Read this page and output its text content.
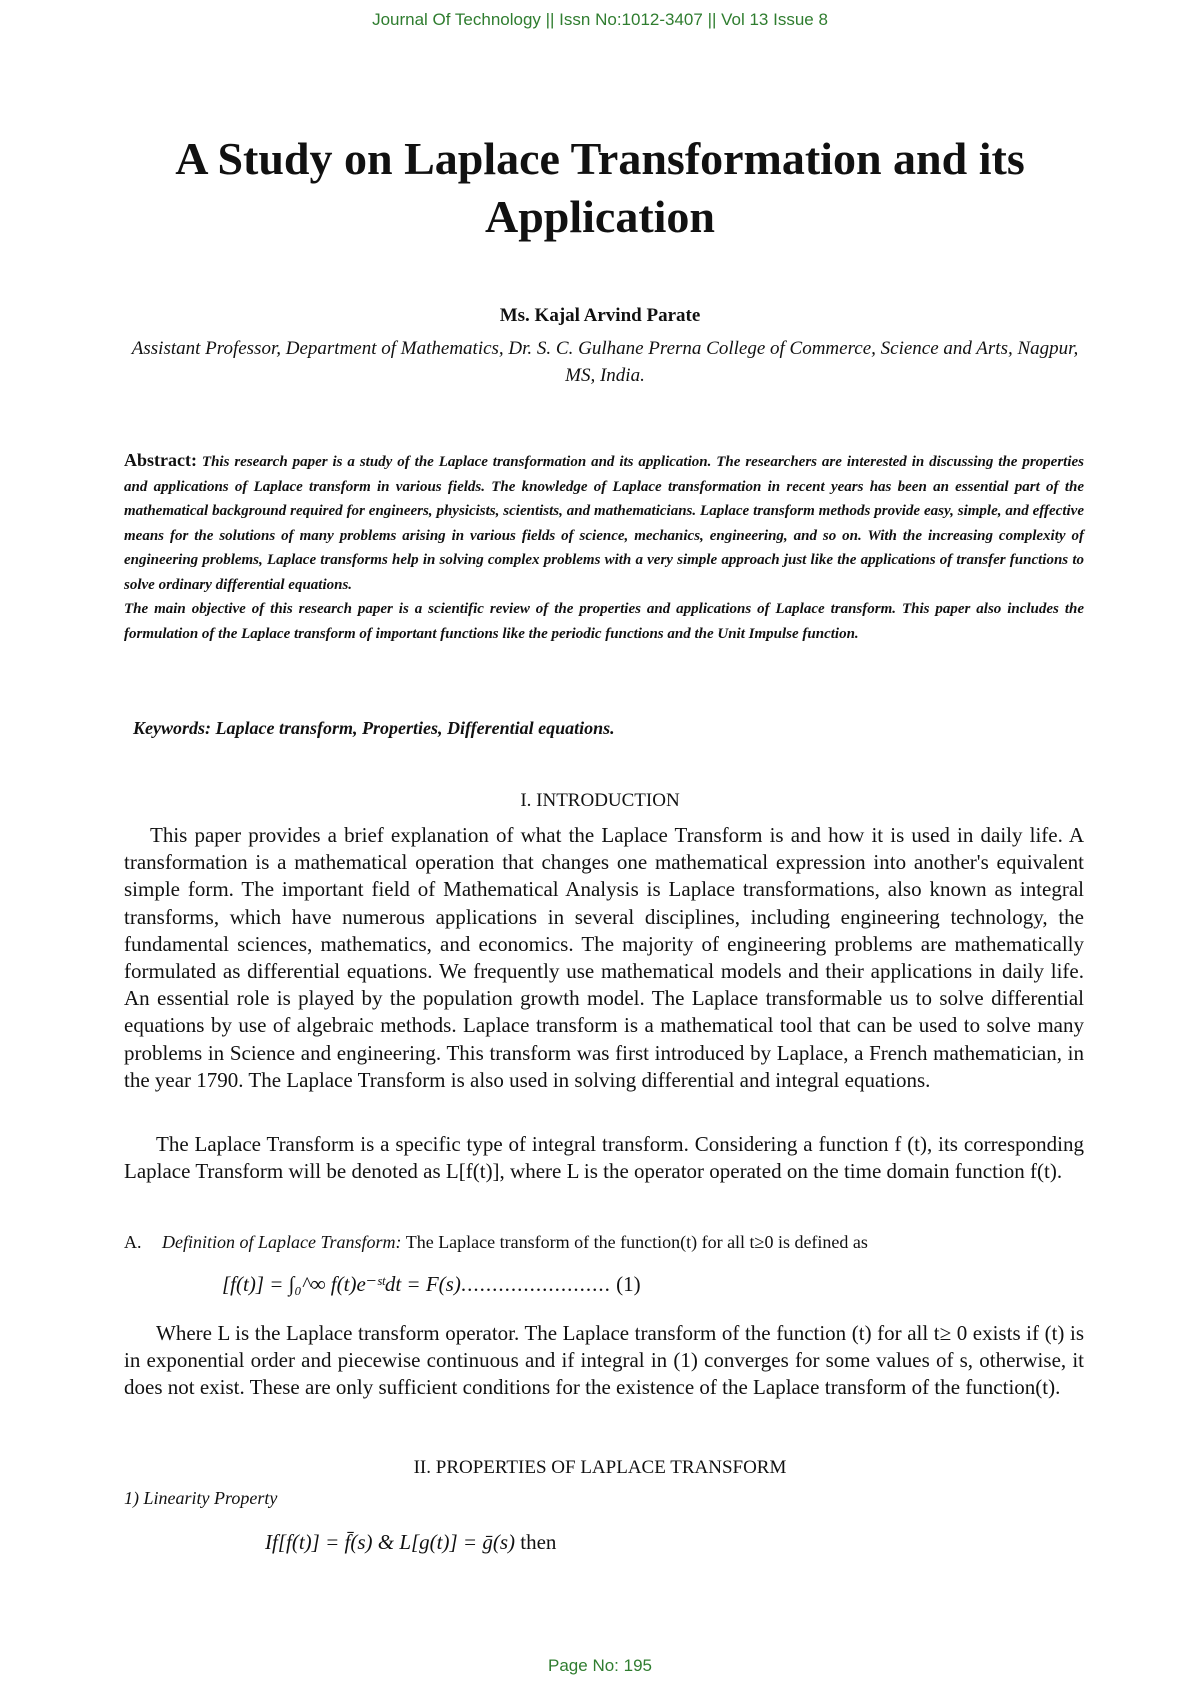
Journal Of Technology || Issn No:1012-3407 || Vol 13 Issue 8
A Study on Laplace Transformation and its Application
Ms. Kajal Arvind Parate
Assistant Professor, Department of Mathematics, Dr. S. C. Gulhane Prerna College of Commerce, Science and Arts, Nagpur, MS, India.

Abstract: This research paper is a study of the Laplace transformation and its application. The researchers are interested in discussing the properties and applications of Laplace transform in various fields. The knowledge of Laplace transformation in recent years has been an essential part of the mathematical background required for engineers, physicists, scientists, and mathematicians. Laplace transform methods provide easy, simple, and effective means for the solutions of many problems arising in various fields of science, mechanics, engineering, and so on. With the increasing complexity of engineering problems, Laplace transforms help in solving complex problems with a very simple approach just like the applications of transfer functions to solve ordinary differential equations.

The main objective of this research paper is a scientific review of the properties and applications of Laplace transform. This paper also includes the formulation of the Laplace transform of important functions like the periodic functions and the Unit Impulse function.

Keywords: Laplace transform, Properties, Differential equations.
I. INTRODUCTION

This paper provides a brief explanation of what the Laplace Transform is and how it is used in daily life. A transformation is a mathematical operation that changes one mathematical expression into another's equivalent simple form. The important field of Mathematical Analysis is Laplace transformations, also known as integral transforms, which have numerous applications in several disciplines, including engineering technology, the fundamental sciences, mathematics, and economics. The majority of engineering problems are mathematically formulated as differential equations. We frequently use mathematical models and their applications in daily life. An essential role is played by the population growth model. The Laplace transformable us to solve differential equations by use of algebraic methods. Laplace transform is a mathematical tool that can be used to solve many problems in Science and engineering. This transform was first introduced by Laplace, a French mathematician, in the year 1790. The Laplace Transform is also used in solving differential and integral equations.

The Laplace Transform is a specific type of integral transform. Considering a function f (t), its corresponding Laplace Transform will be denoted as L[f(t)], where L is the operator operated on the time domain function f(t).

A. Definition of Laplace Transform: The Laplace transform of the function(t) for all t≥0 is defined as
[f(t)] = ∫₀^∞ f(t)e⁻ˢᵗdt = F(s)........................ (1)

Where L is the Laplace transform operator. The Laplace transform of the function (t) for all t≥ 0 exists if (t) is in exponential order and piecewise continuous and if integral in (1) converges for some values of s, otherwise, it does not exist. These are only sufficient conditions for the existence of the Laplace transform of the function(t).

II. PROPERTIES OF LAPLACE TRANSFORM
1) Linearity Property
If[f(t)] = f̄(s) & L[g(t)] = ḡ(s) then
Page No: 195
